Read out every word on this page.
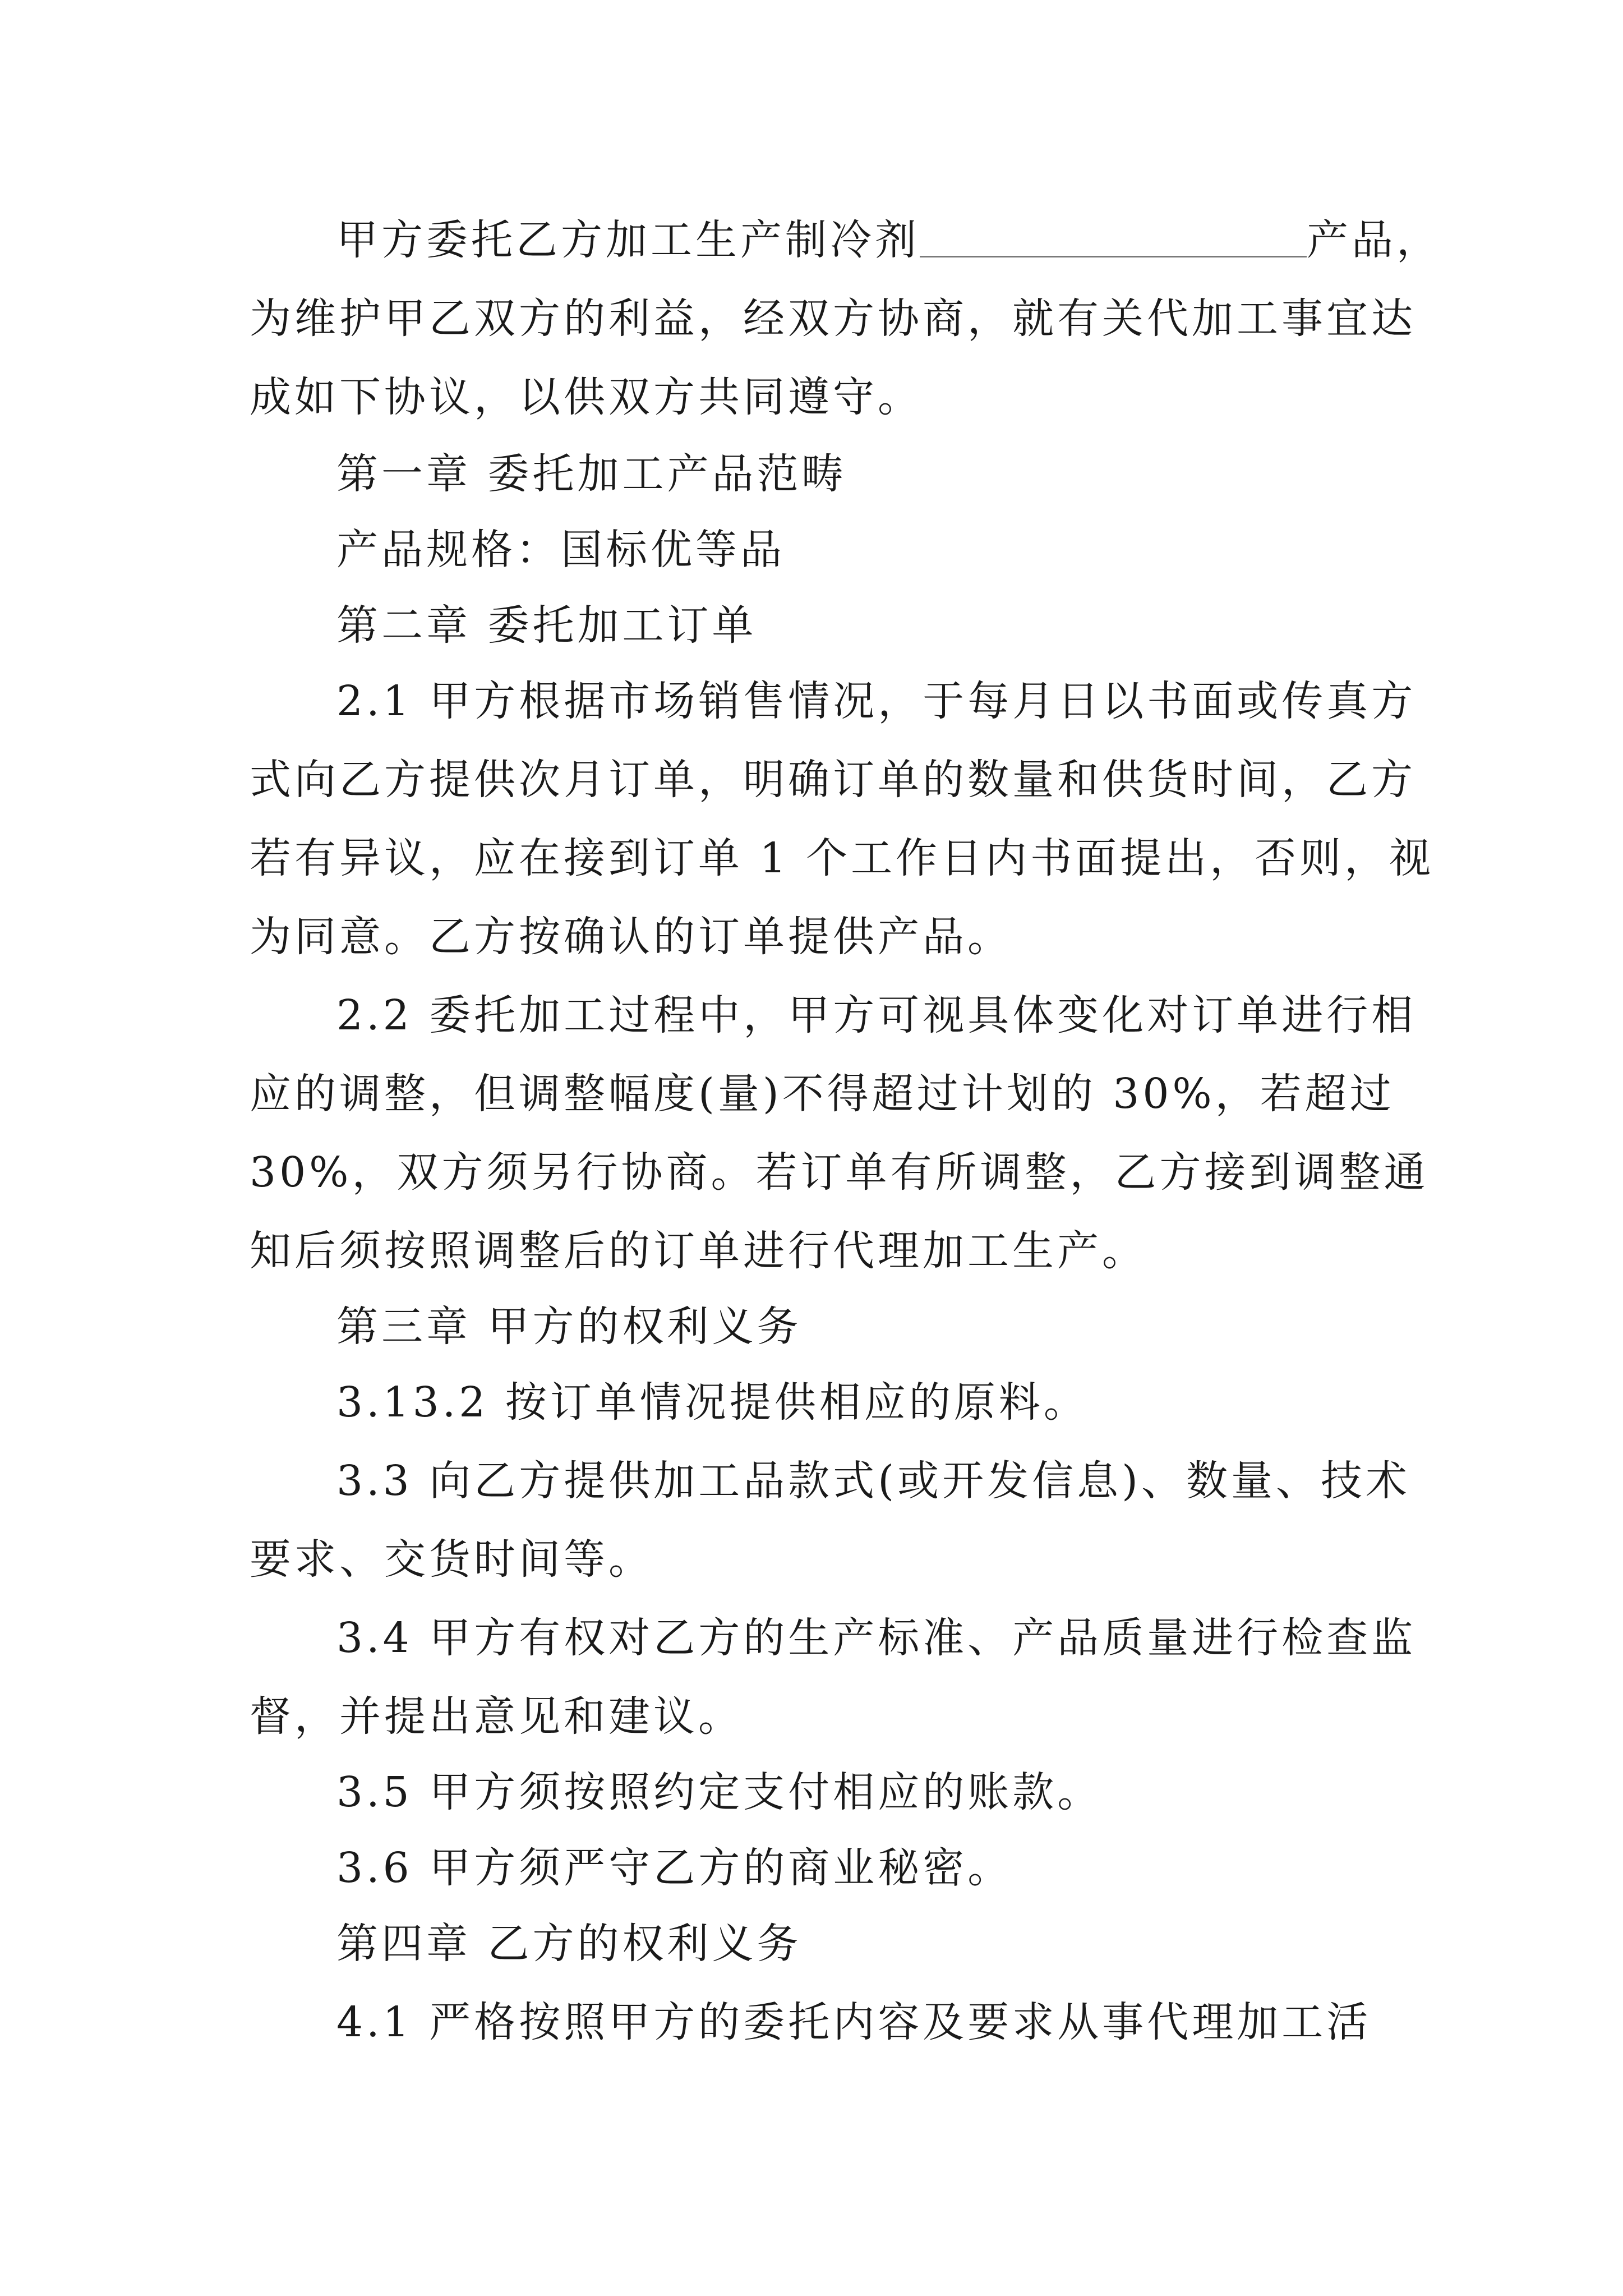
甲方委托乙方加工生产制冷剂	产品，
为维护甲乙双方的利益，经双方协商，就有关代加工事宜达
成如下协议，以供双方共同遵守。
第一章 委托加工产品范畴
产品规格：国标优等品
第二章 委托加工订单
2.1 甲方根据市场销售情况，于每月日以书面或传真方
式向乙方提供次月订单，明确订单的数量和供货时间，乙方
若有异议，应在接到订单 1 个工作日内书面提出，否则，视
为同意。乙方按确认的订单提供产品。
2.2 委托加工过程中，甲方可视具体变化对订单进行相
应的调整，但调整幅度(量)不得超过计划的 30%，若超过
30%，双方须另行协商。若订单有所调整，乙方接到调整通
知后须按照调整后的订单进行代理加工生产。
第三章 甲方的权利义务
3.13.2 按订单情况提供相应的原料。
3.3 向乙方提供加工品款式(或开发信息)、数量、技术
要求、交货时间等。
3.4 甲方有权对乙方的生产标准、产品质量进行检查监
督，并提出意见和建议。
3.5 甲方须按照约定支付相应的账款。
3.6 甲方须严守乙方的商业秘密。
第四章 乙方的权利义务
4.1 严格按照甲方的委托内容及要求从事代理加工活
